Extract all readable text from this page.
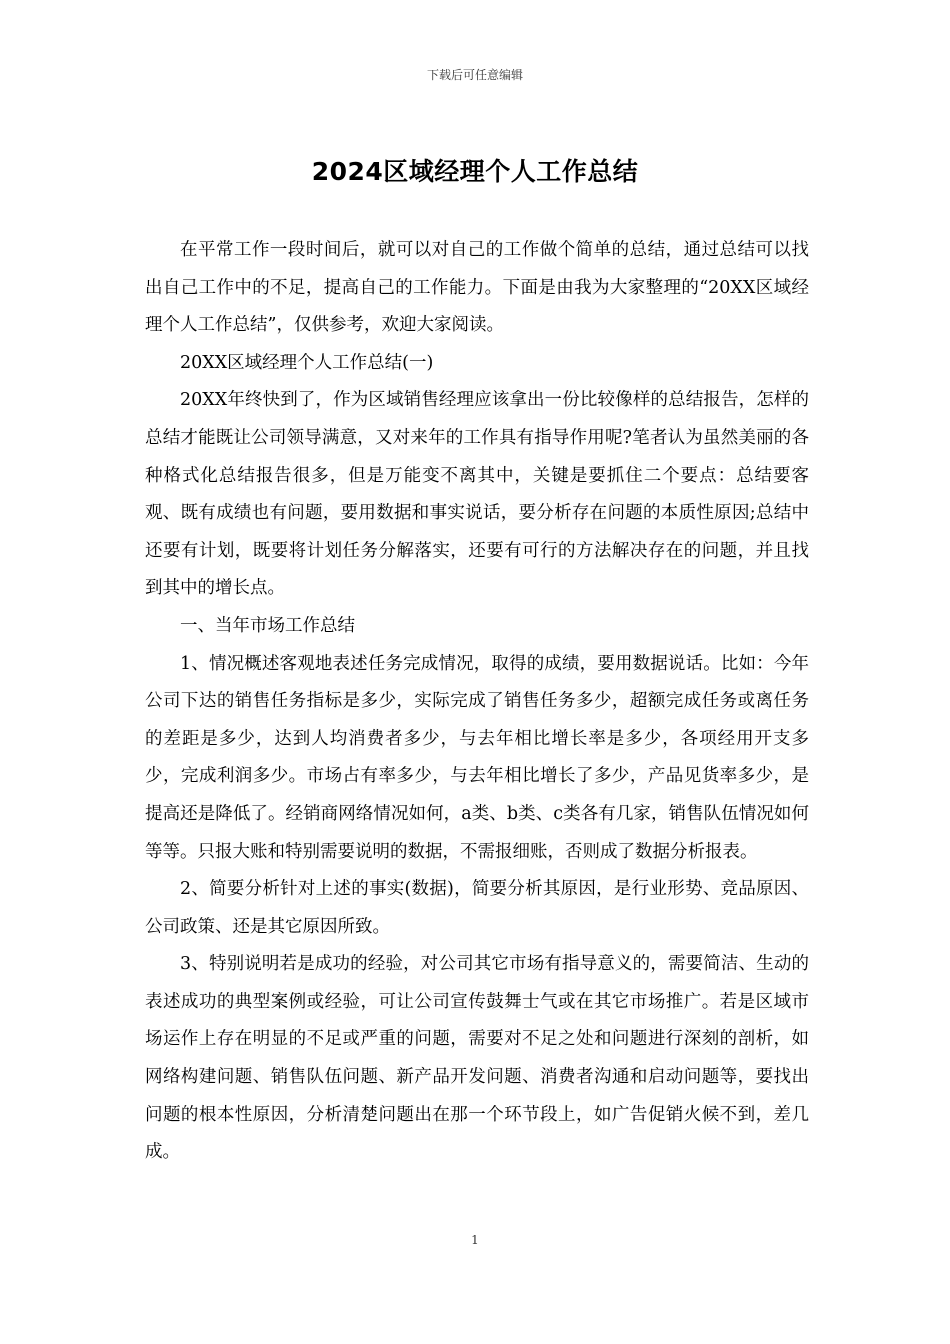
下载后可任意编辑
2024区域经理个人工作总结

在平常工作一段时间后，就可以对自己的工作做个简单的总结，通过总结可以找出自己工作中的不足，提高自己的工作能力。下面是由我为大家整理的“20XX区域经理个人工作总结”，仅供参考，欢迎大家阅读。

20XX区域经理个人工作总结(一)

20XX年终快到了，作为区域销售经理应该拿出一份比较像样的总结报告，怎样的总结才能既让公司领导满意，又对来年的工作具有指导作用呢?笔者认为虽然美丽的各种格式化总结报告很多，但是万能变不离其中，关键是要抓住二个要点：总结要客观、既有成绩也有问题，要用数据和事实说话，要分析存在问题的本质性原因;总结中还要有计划，既要将计划任务分解落实，还要有可行的方法解决存在的问题，并且找到其中的增长点。

一、当年市场工作总结

1、情况概述客观地表述任务完成情况，取得的成绩，要用数据说话。比如：今年公司下达的销售任务指标是多少，实际完成了销售任务多少，超额完成任务或离任务的差距是多少，达到人均消费者多少，与去年相比增长率是多少，各项经用开支多少，完成利润多少。市场占有率多少，与去年相比增长了多少，产品见货率多少，是提高还是降低了。经销商网络情况如何，a类、b类、c类各有几家，销售队伍情况如何等等。只报大账和特别需要说明的数据，不需报细账，否则成了数据分析报表。

2、简要分析针对上述的事实(数据)，简要分析其原因，是行业形势、竞品原因、公司政策、还是其它原因所致。

3、特别说明若是成功的经验，对公司其它市场有指导意义的，需要简洁、生动的表述成功的典型案例或经验，可让公司宣传鼓舞士气或在其它市场推广。若是区域市场运作上存在明显的不足或严重的问题，需要对不足之处和问题进行深刻的剖析，如网络构建问题、销售队伍问题、新产品开发问题、消费者沟通和启动问题等，要找出问题的根本性原因，分析清楚问题出在那一个环节段上，如广告促销火候不到，差几成。

1
